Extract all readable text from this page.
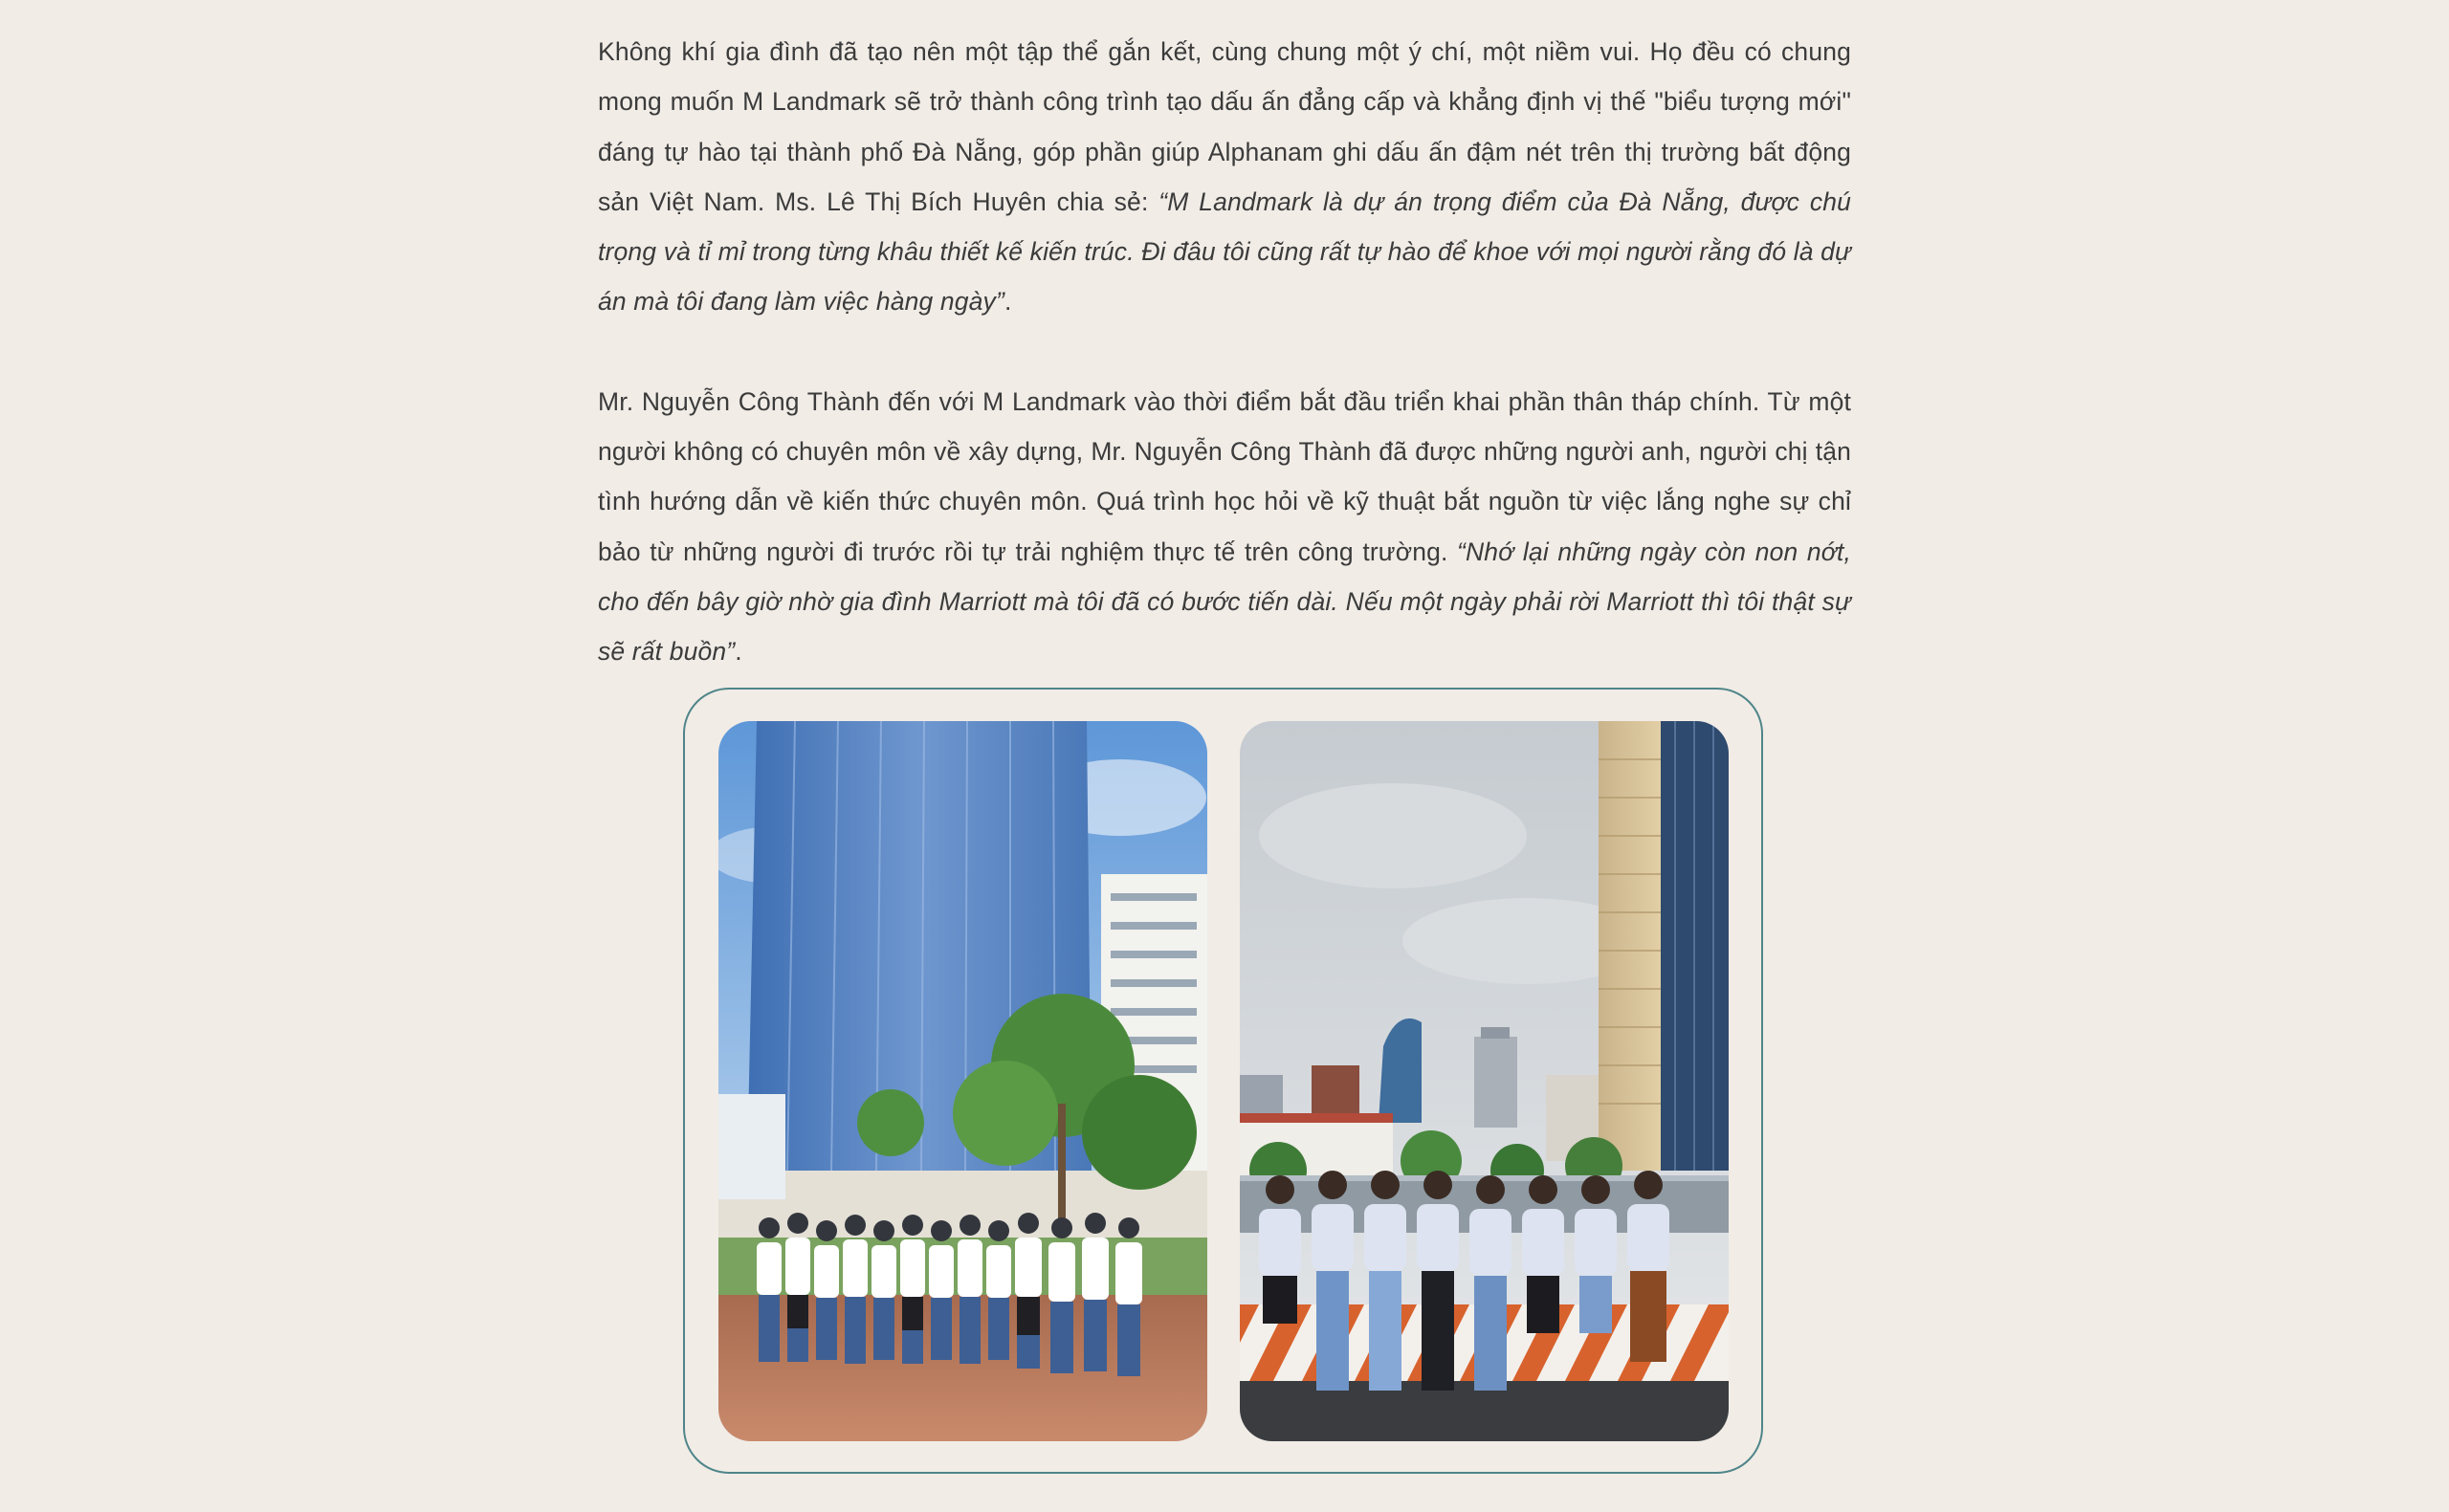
Không khí gia đình đã tạo nên một tập thể gắn kết, cùng chung một ý chí, một niềm vui. Họ đều có chung mong muốn M Landmark sẽ trở thành công trình tạo dấu ấn đẳng cấp và khẳng định vị thế "biểu tượng mới" đáng tự hào tại thành phố Đà Nẵng, góp phần giúp Alphanam ghi dấu ấn đậm nét trên thị trường bất động sản Việt Nam. Ms. Lê Thị Bích Huyên chia sẻ: “M Landmark là dự án trọng điểm của Đà Nẵng, được chú trọng và tỉ mỉ trong từng khâu thiết kế kiến trúc. Đi đâu tôi cũng rất tự hào để khoe với mọi người rằng đó là dự án mà tôi đang làm việc hàng ngày”.

Mr. Nguyễn Công Thành đến với M Landmark vào thời điểm bắt đầu triển khai phần thân tháp chính. Từ một người không có chuyên môn về xây dựng, Mr. Nguyễn Công Thành đã được những người anh, người chị tận tình hướng dẫn về kiến thức chuyên môn. Quá trình học hỏi về kỹ thuật bắt nguồn từ việc lắng nghe sự chỉ bảo từ những người đi trước rồi tự trải nghiệm thực tế trên công trường. “Nhớ lại những ngày còn non nớt, cho đến bây giờ nhờ gia đình Marriott mà tôi đã có bước tiến dài. Nếu một ngày phải rời Marriott thì tôi thật sự sẽ rất buồn”.
